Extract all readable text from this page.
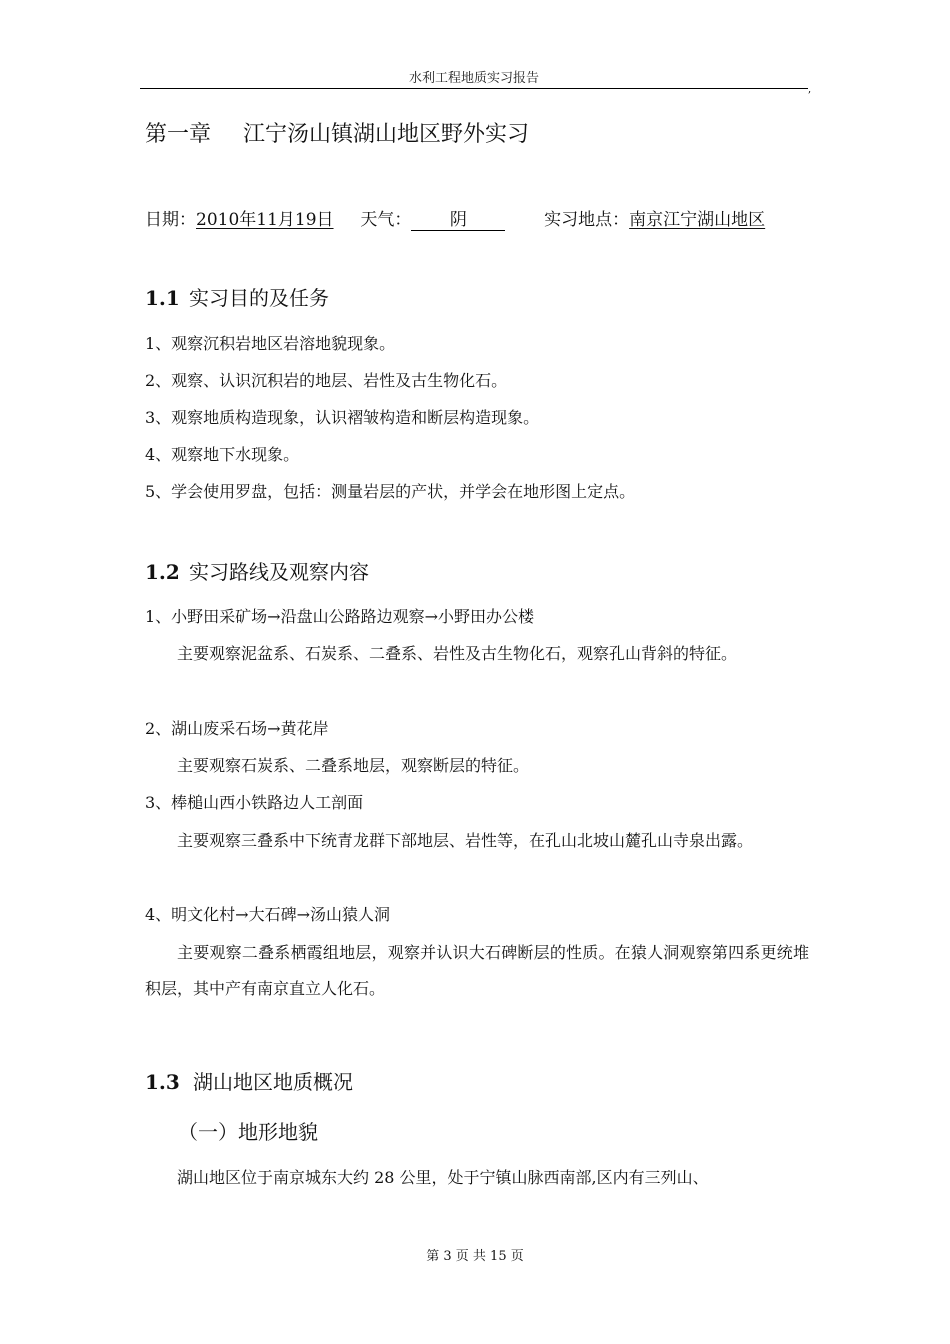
水利工程地质实习报告
,
第一章 江宁汤山镇湖山地区野外实习
日期：2010年11月19日 天气： 阴	实习地点：南京江宁湖山地区
1.1 实习目的及任务
1、观察沉积岩地区岩溶地貌现象。
2、观察、认识沉积岩的地层、岩性及古生物化石。
3、观察地质构造现象，认识褶皱构造和断层构造现象。
4、观察地下水现象。
5、学会使用罗盘，包括：测量岩层的产状，并学会在地形图上定点。
1.2 实习路线及观察内容
1、小野田采矿场→沿盘山公路路边观察→小野田办公楼
主要观察泥盆系、石炭系、二叠系、岩性及古生物化石，观察孔山背斜的特征。
2、湖山废采石场→黄花岸
主要观察石炭系、二叠系地层，观察断层的特征。
3、棒槌山西小铁路边人工剖面
主要观察三叠系中下统青龙群下部地层、岩性等，在孔山北坡山麓孔山寺泉出露。
4、明文化村→大石碑→汤山猿人洞
主要观察二叠系栖霞组地层，观察并认识大石碑断层的性质。在猿人洞观察第四系更统堆积层，其中产有南京直立人化石。
1.3 湖山地区地质概况
（一）地形地貌
湖山地区位于南京城东大约 28 公里，处于宁镇山脉西南部,区内有三列山、
第 3 页 共 15 页
